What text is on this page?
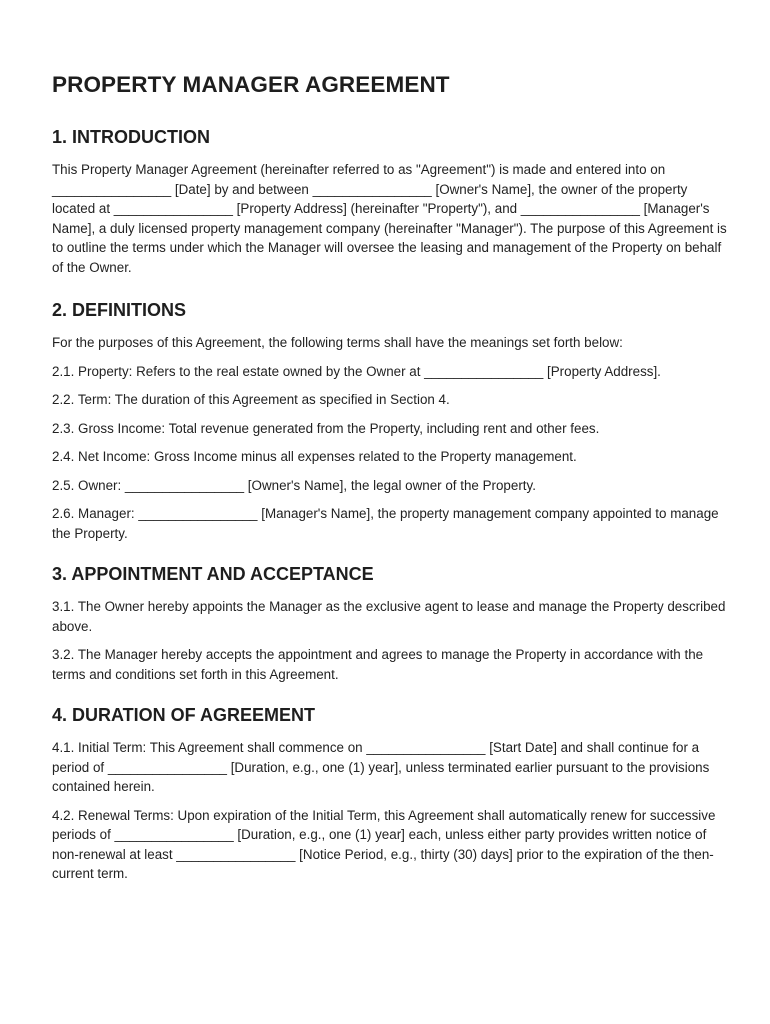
PROPERTY MANAGER AGREEMENT
1. INTRODUCTION

This Property Manager Agreement (hereinafter referred to as "Agreement") is made and entered into on ________________ [Date] by and between ________________ [Owner's Name], the owner of the property located at ________________ [Property Address] (hereinafter "Property"), and ________________ [Manager's Name], a duly licensed property management company (hereinafter "Manager"). The purpose of this Agreement is to outline the terms under which the Manager will oversee the leasing and management of the Property on behalf of the Owner.

2. DEFINITIONS

For the purposes of this Agreement, the following terms shall have the meanings set forth below:

2.1. Property: Refers to the real estate owned by the Owner at ________________ [Property Address].

2.2. Term: The duration of this Agreement as specified in Section 4.

2.3. Gross Income: Total revenue generated from the Property, including rent and other fees.

2.4. Net Income: Gross Income minus all expenses related to the Property management.

2.5. Owner: ________________ [Owner's Name], the legal owner of the Property.

2.6. Manager: ________________ [Manager's Name], the property management company appointed to manage the Property.

3. APPOINTMENT AND ACCEPTANCE

3.1. The Owner hereby appoints the Manager as the exclusive agent to lease and manage the Property described above.

3.2. The Manager hereby accepts the appointment and agrees to manage the Property in accordance with the terms and conditions set forth in this Agreement.

4. DURATION OF AGREEMENT

4.1. Initial Term: This Agreement shall commence on ________________ [Start Date] and shall continue for a period of ________________ [Duration, e.g., one (1) year], unless terminated earlier pursuant to the provisions contained herein.

4.2. Renewal Terms: Upon expiration of the Initial Term, this Agreement shall automatically renew for successive periods of ________________ [Duration, e.g., one (1) year] each, unless either party provides written notice of non-renewal at least ________________ [Notice Period, e.g., thirty (30) days] prior to the expiration of the then-current term.
